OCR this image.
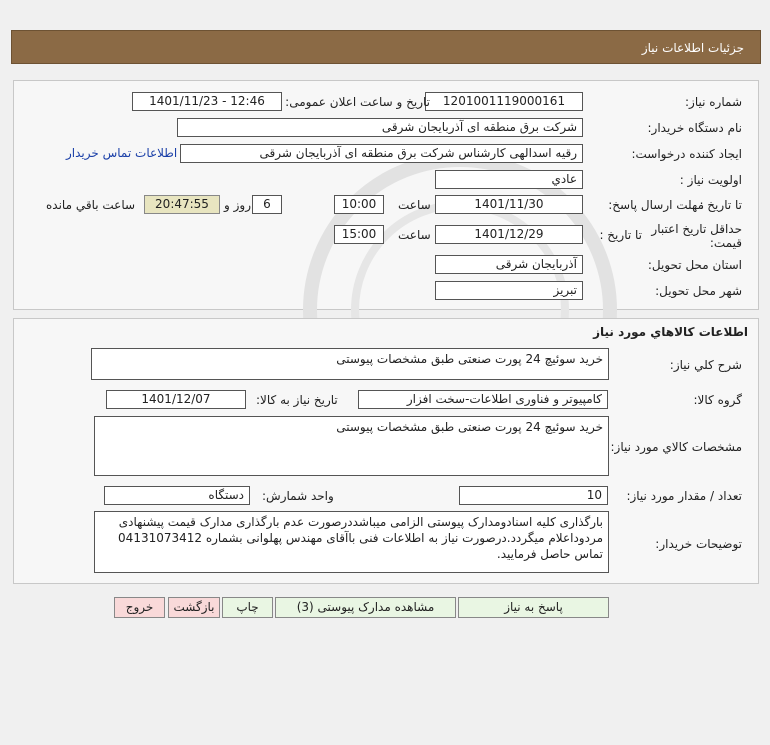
جزئیات اطلاعات نیاز
شماره نیاز:
1201001119000161
تاریخ و ساعت اعلان عمومی:
1401/11/23 - 12:46
نام دستگاه خریدار:
شرکت برق منطقه ای آذربایجان شرقی
ایجاد کننده درخواست:
رقیه اسدالهی کارشناس شرکت برق منطقه ای آذربایجان شرقی
اطلاعات تماس خریدار
اولویت نیاز :
عادي
مهلت ارسال پاسخ:
تا تاریخ :
1401/11/30
ساعت
10:00
6
روز و
20:47:55
ساعت باقي مانده
حداقل تاریخ اعتبار قیمت:
تا تاریخ :
1401/12/29
ساعت
15:00
استان محل تحویل:
آذربایجان شرقی
شهر محل تحویل:
تبریز
اطلاعات کالاهاي مورد نياز
شرح کلي نياز:
خرید سوئیچ 24 پورت صنعتی طبق مشخصات پیوستی
گروه کالا:
کامپیوتر و فناوری اطلاعات-سخت افزار
تاریخ نیاز به کالا:
1401/12/07
مشخصات کالاي مورد نياز:
خرید سوئیچ 24 پورت صنعتی طبق مشخصات پیوستی
تعداد / مقدار مورد نیاز:
10
واحد شمارش:
دستگاه
توضیحات خریدار:
بارگذاری کلیه اسنادومدارک پیوستی الزامی میباشددرصورت عدم بارگذاری مدارک قیمت پیشنهادی مردوداعلام میگردد.درصورت نیاز به اطلاعات فنی باآقای مهندس پهلوانی بشماره 04131073412 تماس حاصل فرمایید.
پاسخ به نیاز
مشاهده مدارک پیوستی (3)
چاپ
بازگشت
خروج
